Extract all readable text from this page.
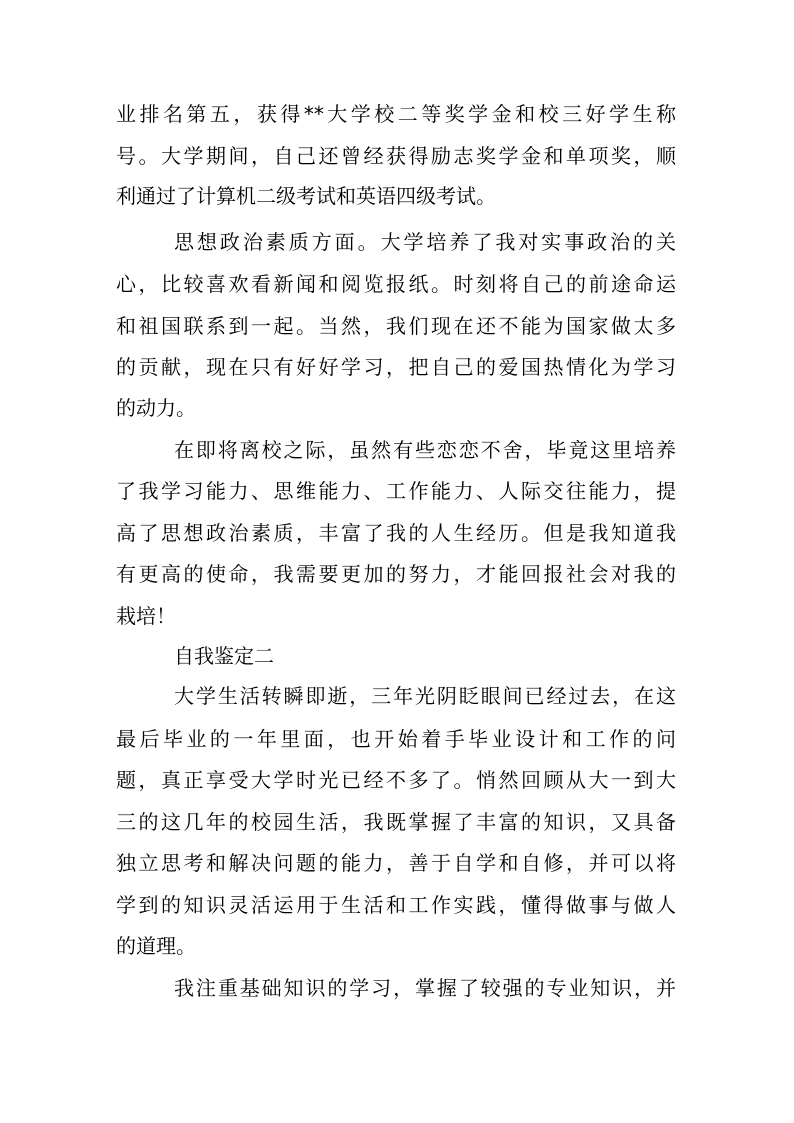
业排名第五，获得**大学校二等奖学金和校三好学生称
号。大学期间，自己还曾经获得励志奖学金和单项奖，顺
利通过了计算机二级考试和英语四级考试。
思想政治素质方面。大学培养了我对实事政治的关
心，比较喜欢看新闻和阅览报纸。时刻将自己的前途命运
和祖国联系到一起。当然，我们现在还不能为国家做太多
的贡献，现在只有好好学习，把自己的爱国热情化为学习
的动力。
在即将离校之际，虽然有些恋恋不舍，毕竟这里培养
了我学习能力、思维能力、工作能力、人际交往能力，提
高了思想政治素质，丰富了我的人生经历。但是我知道我
有更高的使命，我需要更加的努力，才能回报社会对我的
栽培！
自我鉴定二
大学生活转瞬即逝，三年光阴眨眼间已经过去，在这
最后毕业的一年里面，也开始着手毕业设计和工作的问
题，真正享受大学时光已经不多了。悄然回顾从大一到大
三的这几年的校园生活，我既掌握了丰富的知识，又具备
独立思考和解决问题的能力，善于自学和自修，并可以将
学到的知识灵活运用于生活和工作实践，懂得做事与做人
的道理。
我注重基础知识的学习，掌握了较强的专业知识，并
